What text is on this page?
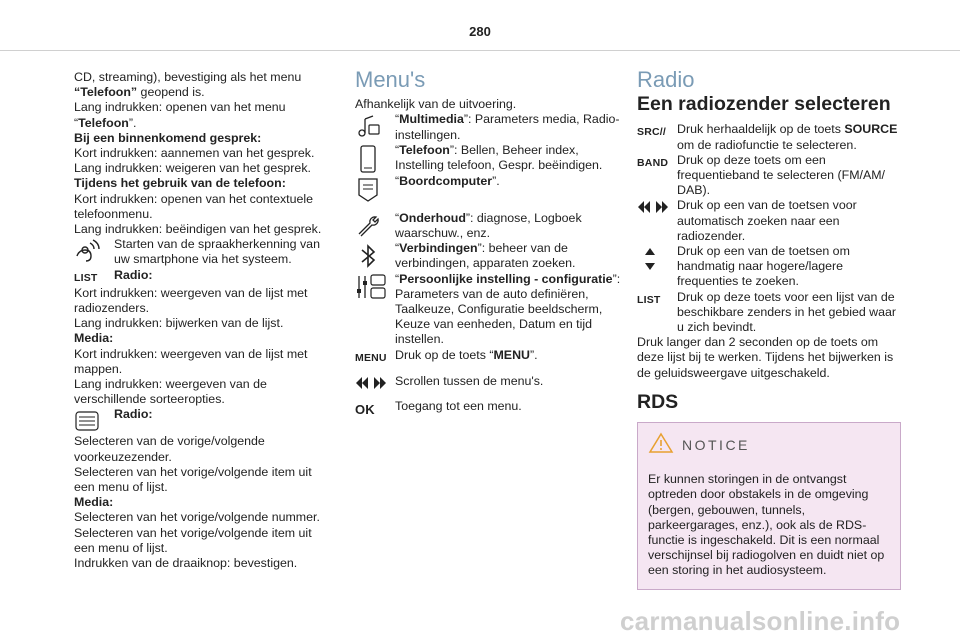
280
CD, streaming), bevestiging als het menu
“Telefoon” geopend is.
Lang indrukken: openen van het menu
“Telefoon”.
Bij een binnenkomend gesprek:
Kort indrukken: aannemen van het gesprek.
Lang indrukken: weigeren van het gesprek.
Tijdens het gebruik van de telefoon:
Kort indrukken: openen van het contextuele telefoonmenu.
Lang indrukken: beëindigen van het gesprek.
Starten van de spraakherkenning van uw smartphone via het systeem.
LIST	Radio:
Kort indrukken: weergeven van de lijst met radiozenders.
Lang indrukken: bijwerken van de lijst.
Media:
Kort indrukken: weergeven van de lijst met mappen.
Lang indrukken: weergeven van de verschillende sorteeropties.
Radio:
Selecteren van de vorige/volgende voorkeuzezender.
Selecteren van het vorige/volgende item uit een menu of lijst.
Media:
Selecteren van het vorige/volgende nummer.
Selecteren van het vorige/volgende item uit een menu of lijst.
Indrukken van de draaiknop: bevestigen.
Menu's
Afhankelijk van de uitvoering.
“Multimedia”: Parameters media, Radio-instellingen.
“Telefoon”: Bellen, Beheer index, Instelling telefoon, Gespr. beëindigen.
“Boordcomputer”.
“Onderhoud”: diagnose, Logboek waarschuw., enz.
“Verbindingen”: beheer van de verbindingen, apparaten zoeken.
“Persoonlijke instelling - configuratie”: Parameters van de auto definiëren, Taalkeuze, Configuratie beeldscherm, Keuze van eenheden, Datum en tijd instellen.
MENU Druk op de toets “MENU”.
Scrollen tussen de menu's.
OK	Toegang tot een menu.
Radio
Een radiozender selecteren
SRC // Druk herhaaldelijk op de toets SOURCE om de radiofunctie te selecteren.
BAND Druk op deze toets om een frequentieband te selecteren (FM/AM/ DAB).
Druk op een van de toetsen voor automatisch zoeken naar een radiozender.
Druk op een van de toetsen om handmatig naar hogere/lagere frequenties te zoeken.
LIST	Druk op deze toets voor een lijst van de beschikbare zenders in het gebied waar u zich bevindt.
Druk langer dan 2 seconden op de toets om deze lijst bij te werken. Tijdens het bijwerken is de geluidsweergave uitgeschakeld.
RDS
NOTICE
Er kunnen storingen in de ontvangst optreden door obstakels in de omgeving (bergen, gebouwen, tunnels, parkeergarages, enz.), ook als de RDS-functie is ingeschakeld. Dit is een normaal verschijnsel bij radiogolven en duidt niet op een storing in het audiosysteem.
carmanualsonline.info
